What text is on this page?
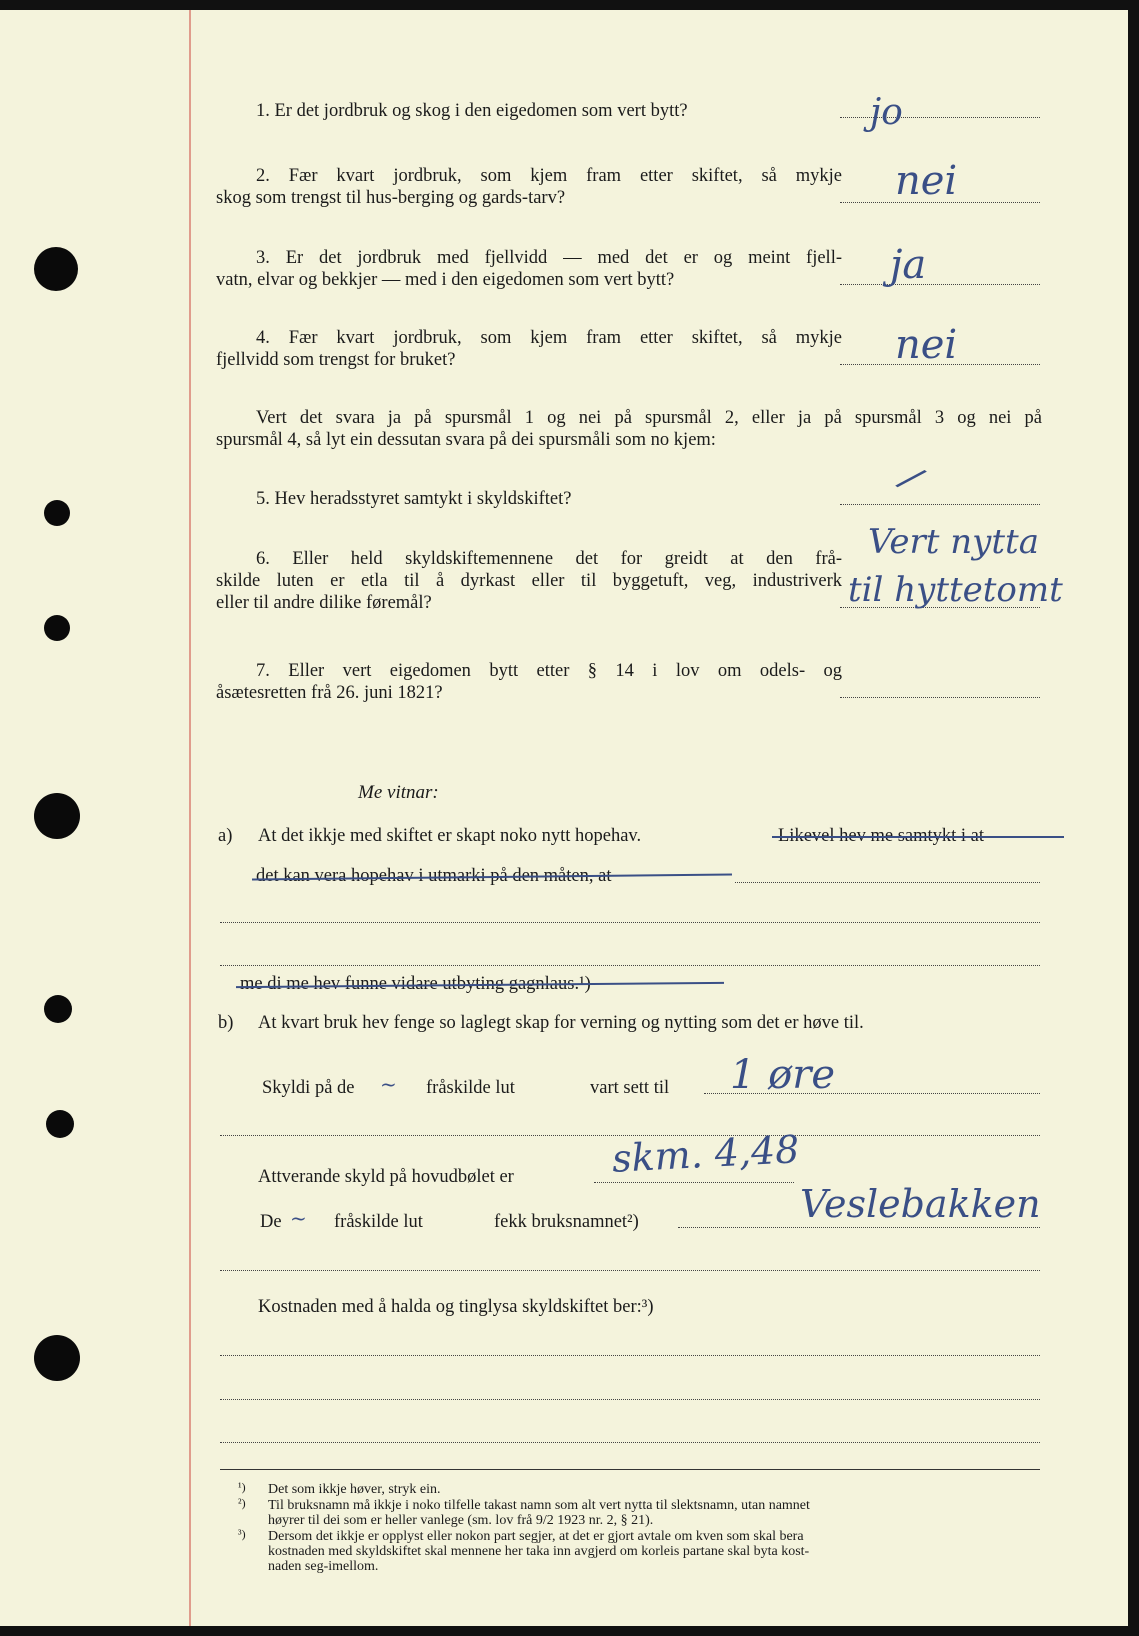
1. Er det jordbruk og skog i den eigedomen som vert bytt?	jo
2. Fær kvart jordbruk, som kjem fram etter skiftet, så mykje
skog som trengst til hus-berging og gards-tarv?	nei
3. Er det jordbruk med fjellvidd — med det er og meint fjell-
vatn, elvar og bekkjer — med i den eigedomen som vert bytt?	ja
4. Fær kvart jordbruk, som kjem fram etter skiftet, så mykje
fjellvidd som trengst for bruket?	nei
Vert det svara ja på spursmål 1 og nei på spursmål 2, eller ja på spursmål 3 og nei på
spursmål 4, så lyt ein dessutan svara på dei spursmåli som no kjem:
5. Hev heradsstyret samtykt i skyldskiftet?
/
6. Eller held skyldskiftemennene det for greidt at den frå-
skilde luten er etla til å dyrkast eller til byggetuft, veg, industriverk
eller til andre dilike føremål?
Vert nytta
til hyttetomt
7. Eller vert eigedomen bytt etter § 14 i lov om odels- og
åsætesretten frå 26. juni 1821?
Me vitnar:
a) At det ikkje med skiftet er skapt noko nytt hopehav.	Likevel hev me samtykt i at
det kan vera hopehav i utmarki på den måten, at
me di me hev funne vidare utbyting gagnlaus.¹)
b) At kvart bruk hev fenge so laglegt skap for verning og nytting som det er høve til.
Skyldi på de ~ fråskilde lut	vart sett til 1 øre
Attverande skyld på hovudbølet er	skm. 4,48
De ~ fråskilde lut	fekk bruksnamnet²)	Veslebakken
Kostnaden med å halda og tinglysa skyldskiftet ber:³)
¹) Det som ikkje høver, stryk ein.
²) Til bruksnamn må ikkje i noko tilfelle takast namn som alt vert nytta til slektsnamn, utan namnet
høyrer til dei som er heller vanlege (sm. lov frå 9/2 1923 nr. 2, § 21).
³) Dersom det ikkje er opplyst eller nokon part segjer, at det er gjort avtale om kven som skal bera
kostnaden med skyldskiftet skal mennene her taka inn avgjerd om korleis partane skal byta kost-
naden seg-imellom.
